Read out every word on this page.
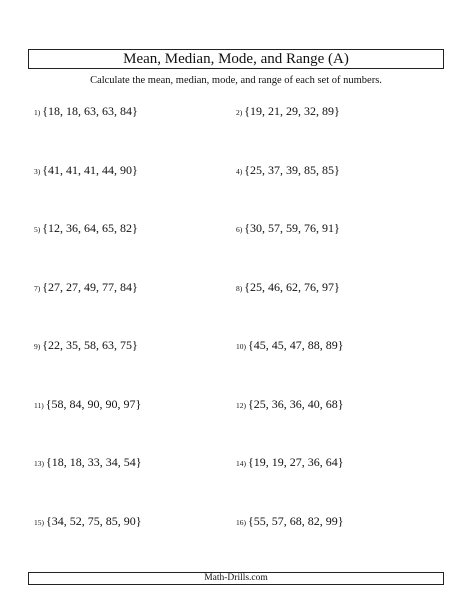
Mean, Median, Mode, and Range (A)
Calculate the mean, median, mode, and range of each set of numbers.
1) {18, 18, 63, 63, 84}	2) {19, 21, 29, 32, 89}
3) {41, 41, 41, 44, 90}	4) {25, 37, 39, 85, 85}
5) {12, 36, 64, 65, 82}	6) {30, 57, 59, 76, 91}
7) {27, 27, 49, 77, 84}	8) {25, 46, 62, 76, 97}
9) {22, 35, 58, 63, 75}	10) {45, 45, 47, 88, 89}
11) {58, 84, 90, 90, 97}	12) {25, 36, 36, 40, 68}
13) {18, 18, 33, 34, 54}	14) {19, 19, 27, 36, 64}
15) {34, 52, 75, 85, 90}	16) {55, 57, 68, 82, 99}
Math-Drills.com
